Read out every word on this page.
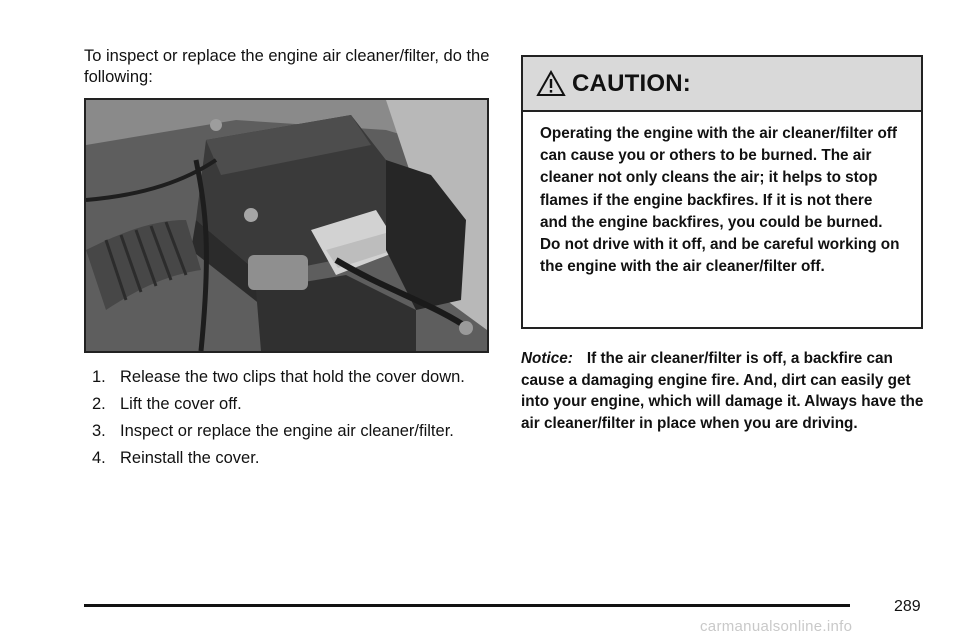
To inspect or replace the engine air cleaner/filter, do the following:

1. Release the two clips that hold the cover down.
2. Lift the cover off.
3. Inspect or replace the engine air cleaner/filter.
4. Reinstall the cover.
CAUTION:

Operating the engine with the air cleaner/filter off can cause you or others to be burned. The air cleaner not only cleans the air; it helps to stop flames if the engine backfires. If it is not there and the engine backfires, you could be burned. Do not drive with it off, and be careful working on the engine with the air cleaner/filter off.

Notice: If the air cleaner/filter is off, a backfire can cause a damaging engine fire. And, dirt can easily get into your engine, which will damage it. Always have the air cleaner/filter in place when you are driving.

289
carmanualsonline.info
